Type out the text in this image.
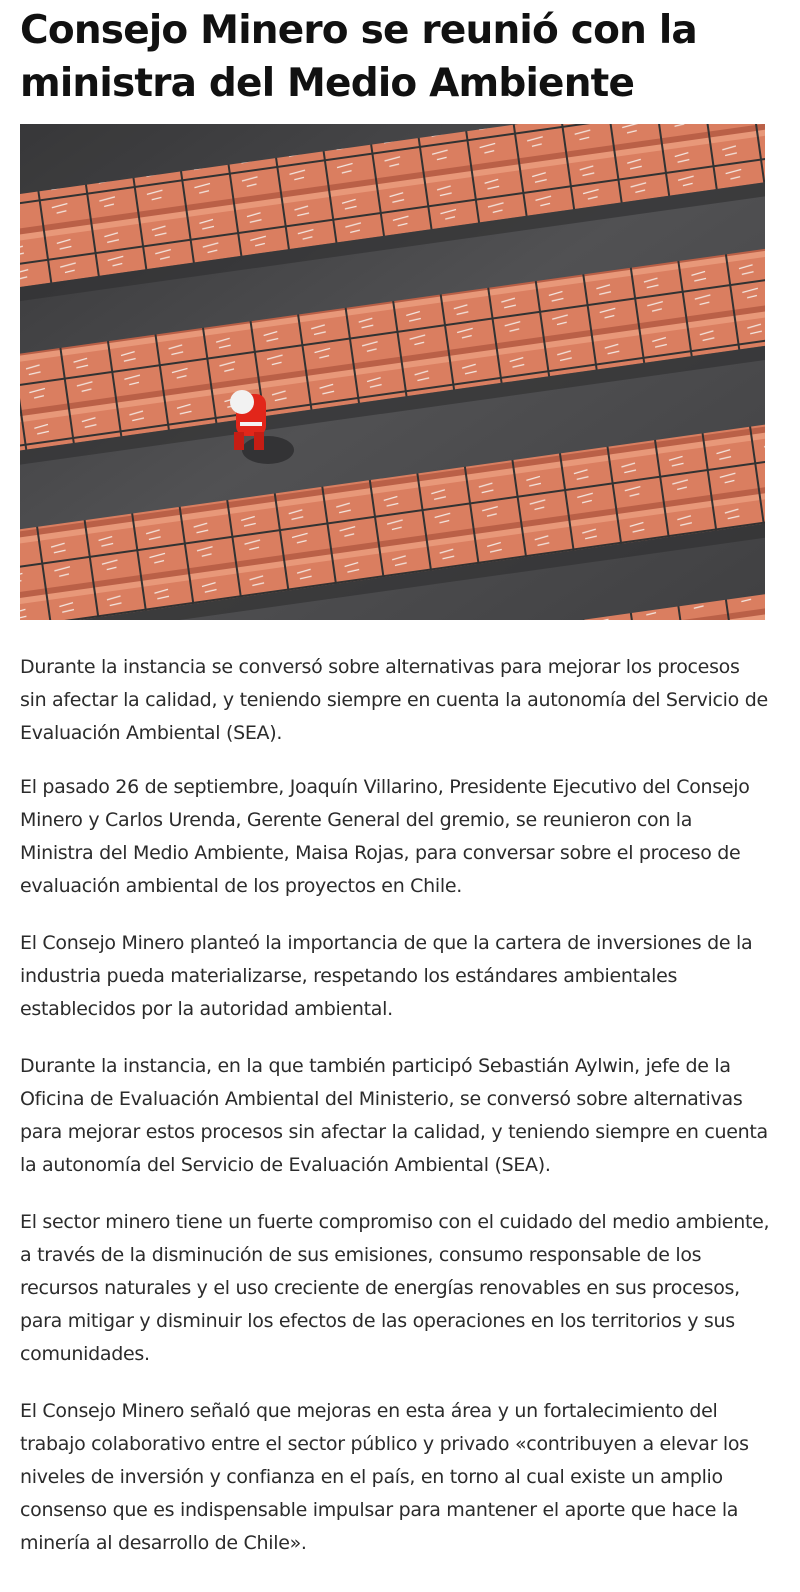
Consejo Minero se reunió con la ministra del Medio Ambiente

Durante la instancia se conversó sobre alternativas para mejorar los procesos sin afectar la calidad, y teniendo siempre en cuenta la autonomía del Servicio de Evaluación Ambiental (SEA).

El pasado 26 de septiembre, Joaquín Villarino, Presidente Ejecutivo del Consejo Minero y Carlos Urenda, Gerente General del gremio, se reunieron con la Ministra del Medio Ambiente, Maisa Rojas, para conversar sobre el proceso de evaluación ambiental de los proyectos en Chile.

El Consejo Minero planteó la importancia de que la cartera de inversiones de la industria pueda materializarse, respetando los estándares ambientales establecidos por la autoridad ambiental.

Durante la instancia, en la que también participó Sebastián Aylwin, jefe de la Oficina de Evaluación Ambiental del Ministerio, se conversó sobre alternativas para mejorar estos procesos sin afectar la calidad, y teniendo siempre en cuenta la autonomía del Servicio de Evaluación Ambiental (SEA).

El sector minero tiene un fuerte compromiso con el cuidado del medio ambiente, a través de la disminución de sus emisiones, consumo responsable de los recursos naturales y el uso creciente de energías renovables en sus procesos, para mitigar y disminuir los efectos de las operaciones en los territorios y sus comunidades.

El Consejo Minero señaló que mejoras en esta área y un fortalecimiento del trabajo colaborativo entre el sector público y privado «contribuyen a elevar los niveles de inversión y confianza en el país, en torno al cual existe un amplio consenso que es indispensable impulsar para mantener el aporte que hace la minería al desarrollo de Chile».
